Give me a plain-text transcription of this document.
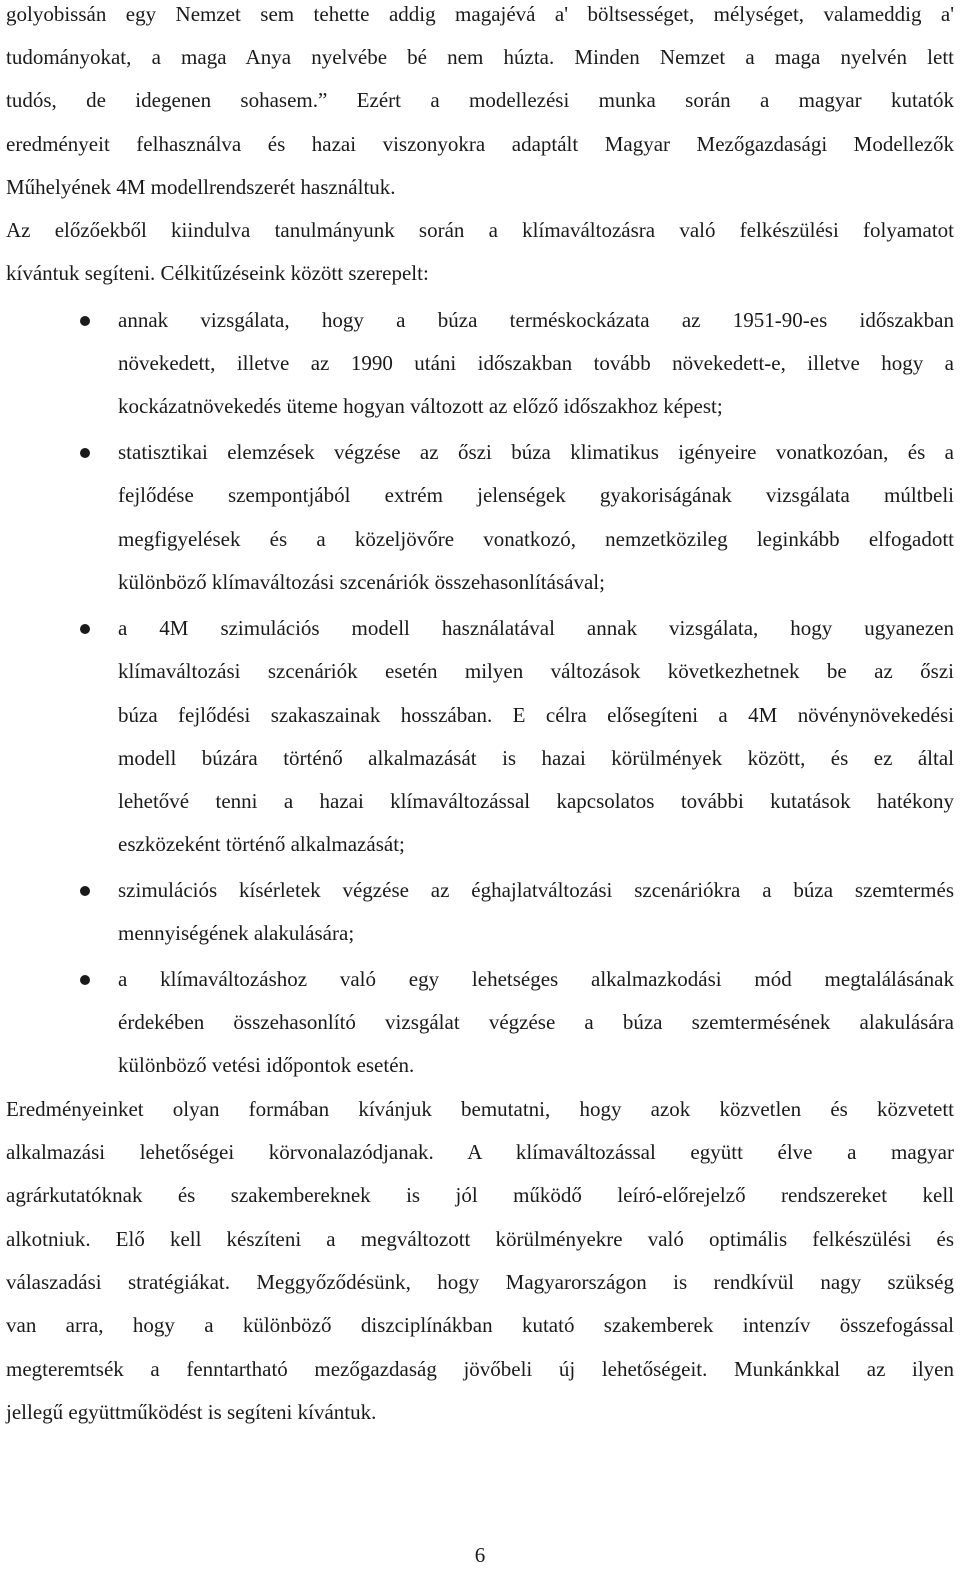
golyobissán egy Nemzet sem tehette addig magajévá a' böltsességet, mélységet, valameddig a'
tudományokat, a maga Anya nyelvébe bé nem húzta. Minden Nemzet a maga nyelvén lett
tudós, de idegenen sohasem.” Ezért a modellezési munka során a magyar kutatók
eredményeit felhasználva és hazai viszonyokra adaptált Magyar Mezőgazdasági Modellezők
Műhelyének 4M modellrendszerét használtuk.
Az előzőekből kiindulva tanulmányunk során a klímaváltozásra való felkészülési folyamatot
kívántuk segíteni. Célkitűzéseink között szerepelt:
annak vizsgálata, hogy a búza terméskockázata az 1951-90-es időszakban
növekedett, illetve az 1990 utáni időszakban tovább növekedett-e, illetve hogy a
kockázatnövekedés üteme hogyan változott az előző időszakhoz képest;
statisztikai elemzések végzése az őszi búza klimatikus igényeire vonatkozóan, és a
fejlődése szempontjából extrém jelenségek gyakoriságának vizsgálata múltbeli
megfigyelések és a közeljövőre vonatkozó, nemzetközileg leginkább elfogadott
különböző klímaváltozási szcenáriók összehasonlításával;
a 4M szimulációs modell használatával annak vizsgálata, hogy ugyanezen
klímaváltozási szcenáriók esetén milyen változások következhetnek be az őszi
búza fejlődési szakaszainak hosszában. E célra elősegíteni a 4M növénynövekedési
modell búzára történő alkalmazását is hazai körülmények között, és ez által
lehetővé tenni a hazai klímaváltozással kapcsolatos további kutatások hatékony
eszközeként történő alkalmazását;
szimulációs kísérletek végzése az éghajlatváltozási szcenáriókra a búza szemtermés
mennyiségének alakulására;
a klímaváltozáshoz való egy lehetséges alkalmazkodási mód megtalálásának
érdekében összehasonlító vizsgálat végzése a búza szemtermésének alakulására
különböző vetési időpontok esetén.
Eredményeinket olyan formában kívánjuk bemutatni, hogy azok közvetlen és közvetett
alkalmazási lehetőségei körvonalazódjanak. A klímaváltozással együtt élve a magyar
agrárkutatóknak és szakembereknek is jól működő leíró-előrejelző rendszereket kell
alkotniuk. Elő kell készíteni a megváltozott körülményekre való optimális felkészülési és
válaszadási stratégiákat. Meggyőződésünk, hogy Magyarországon is rendkívül nagy szükség
van arra, hogy a különböző diszciplínákban kutató szakemberek intenzív összefogással
megteremtsék a fenntartható mezőgazdaság jövőbeli új lehetőségeit. Munkánkkal az ilyen
jellegű együttműködést is segíteni kívántuk.
6
